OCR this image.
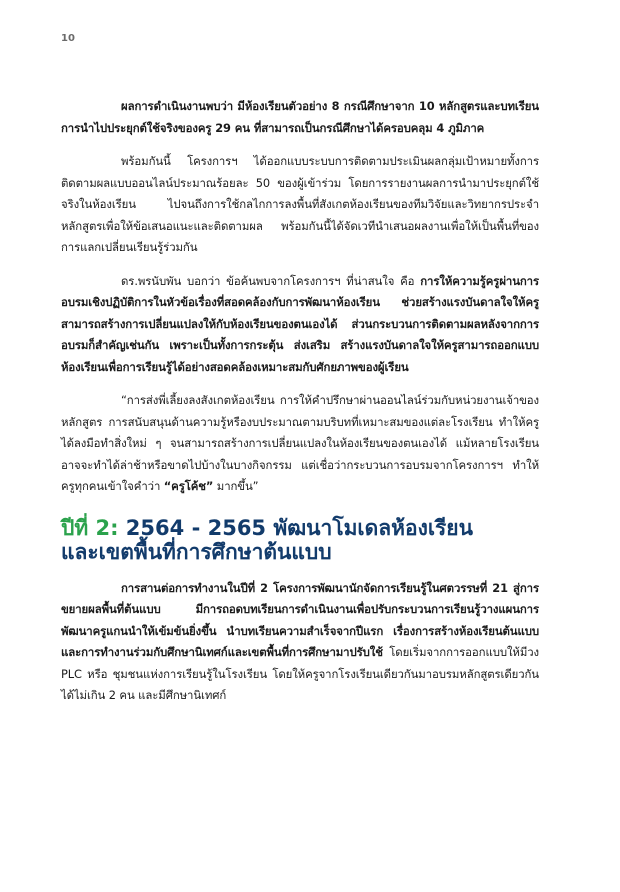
10

ผลการดำเนินงานพบว่า มีห้องเรียนตัวอย่าง 8 กรณีศึกษาจาก 10 หลักสูตรและบทเรียนการนำไปประยุกต์ใช้จริงของครู 29 คน ที่สามารถเป็นกรณีศึกษาได้ครอบคลุม 4 ภูมิภาค

พร้อมกันนี้ โครงการฯ ได้ออกแบบระบบการติดตามประเมินผลกลุ่มเป้าหมายทั้งการติดตามผลแบบออนไลน์ประมาณร้อยละ 50 ของผู้เข้าร่วม โดยการรายงานผลการนำมาประยุกต์ใช้จริงในห้องเรียน ไปจนถึงการใช้กลไกการลงพื้นที่สังเกตห้องเรียนของทีมวิจัยและวิทยากรประจำหลักสูตรเพื่อให้ข้อเสนอแนะและติดตามผล พร้อมกันนี้ได้จัดเวทีนำเสนอผลงานเพื่อให้เป็นพื้นที่ของการแลกเปลี่ยนเรียนรู้ร่วมกัน

ดร.พรนับพัน บอกว่า ข้อค้นพบจากโครงการฯ ที่น่าสนใจ คือ การให้ความรู้ครูผ่านการอบรมเชิงปฏิบัติการในหัวข้อเรื่องที่สอดคล้องกับการพัฒนาห้องเรียน ช่วยสร้างแรงบันดาลใจให้ครูสามารถสร้างการเปลี่ยนแปลงให้กับห้องเรียนของตนเองได้ ส่วนกระบวนการติดตามผลหลังจากการอบรมก็สำคัญเช่นกัน เพราะเป็นทั้งการกระตุ้น ส่งเสริม สร้างแรงบันดาลใจให้ครูสามารถออกแบบห้องเรียนเพื่อการเรียนรู้ได้อย่างสอดคล้องเหมาะสมกับศักยภาพของผู้เรียน

“การส่งพี่เลี้ยงลงสังเกตห้องเรียน การให้คำปรึกษาผ่านออนไลน์ร่วมกับหน่วยงานเจ้าของหลักสูตร การสนับสนุนด้านความรู้หรืองบประมาณตามบริบทที่เหมาะสมของแต่ละโรงเรียน ทำให้ครูได้ลงมือทำสิ่งใหม่ ๆ จนสามารถสร้างการเปลี่ยนแปลงในห้องเรียนของตนเองได้ แม้หลายโรงเรียนอาจจะทำได้ล่าช้าหรือขาดไปบ้างในบางกิจกรรม แต่เชื่อว่ากระบวนการอบรมจากโครงการฯ ทำให้ครูทุกคนเข้าใจคำว่า “ครูโค้ช” มากขึ้น”

ปีที่ 2: 2564 - 2565 พัฒนาโมเดลห้องเรียน
และเขตพื้นที่การศึกษาต้นแบบ

การสานต่อการทำงานในปีที่ 2 โครงการพัฒนานักจัดการเรียนรู้ในศตวรรษที่ 21 สู่การขยายผลพื้นที่ต้นแบบ มีการถอดบทเรียนการดำเนินงานเพื่อปรับกระบวนการเรียนรู้วางแผนการพัฒนาครูแกนนำให้เข้มข้นยิ่งขึ้น นำบทเรียนความสำเร็จจากปีแรก เรื่องการสร้างห้องเรียนต้นแบบและการทำงานร่วมกับศึกษานิเทศก์และเขตพื้นที่การศึกษามาปรับใช้ โดยเริ่มจากการออกแบบให้มีวง PLC หรือ ชุมชนแห่งการเรียนรู้ในโรงเรียน โดยให้ครูจากโรงเรียนเดียวกันมาอบรมหลักสูตรเดียวกันได้ไม่เกิน 2 คน และมีศึกษานิเทศก์
